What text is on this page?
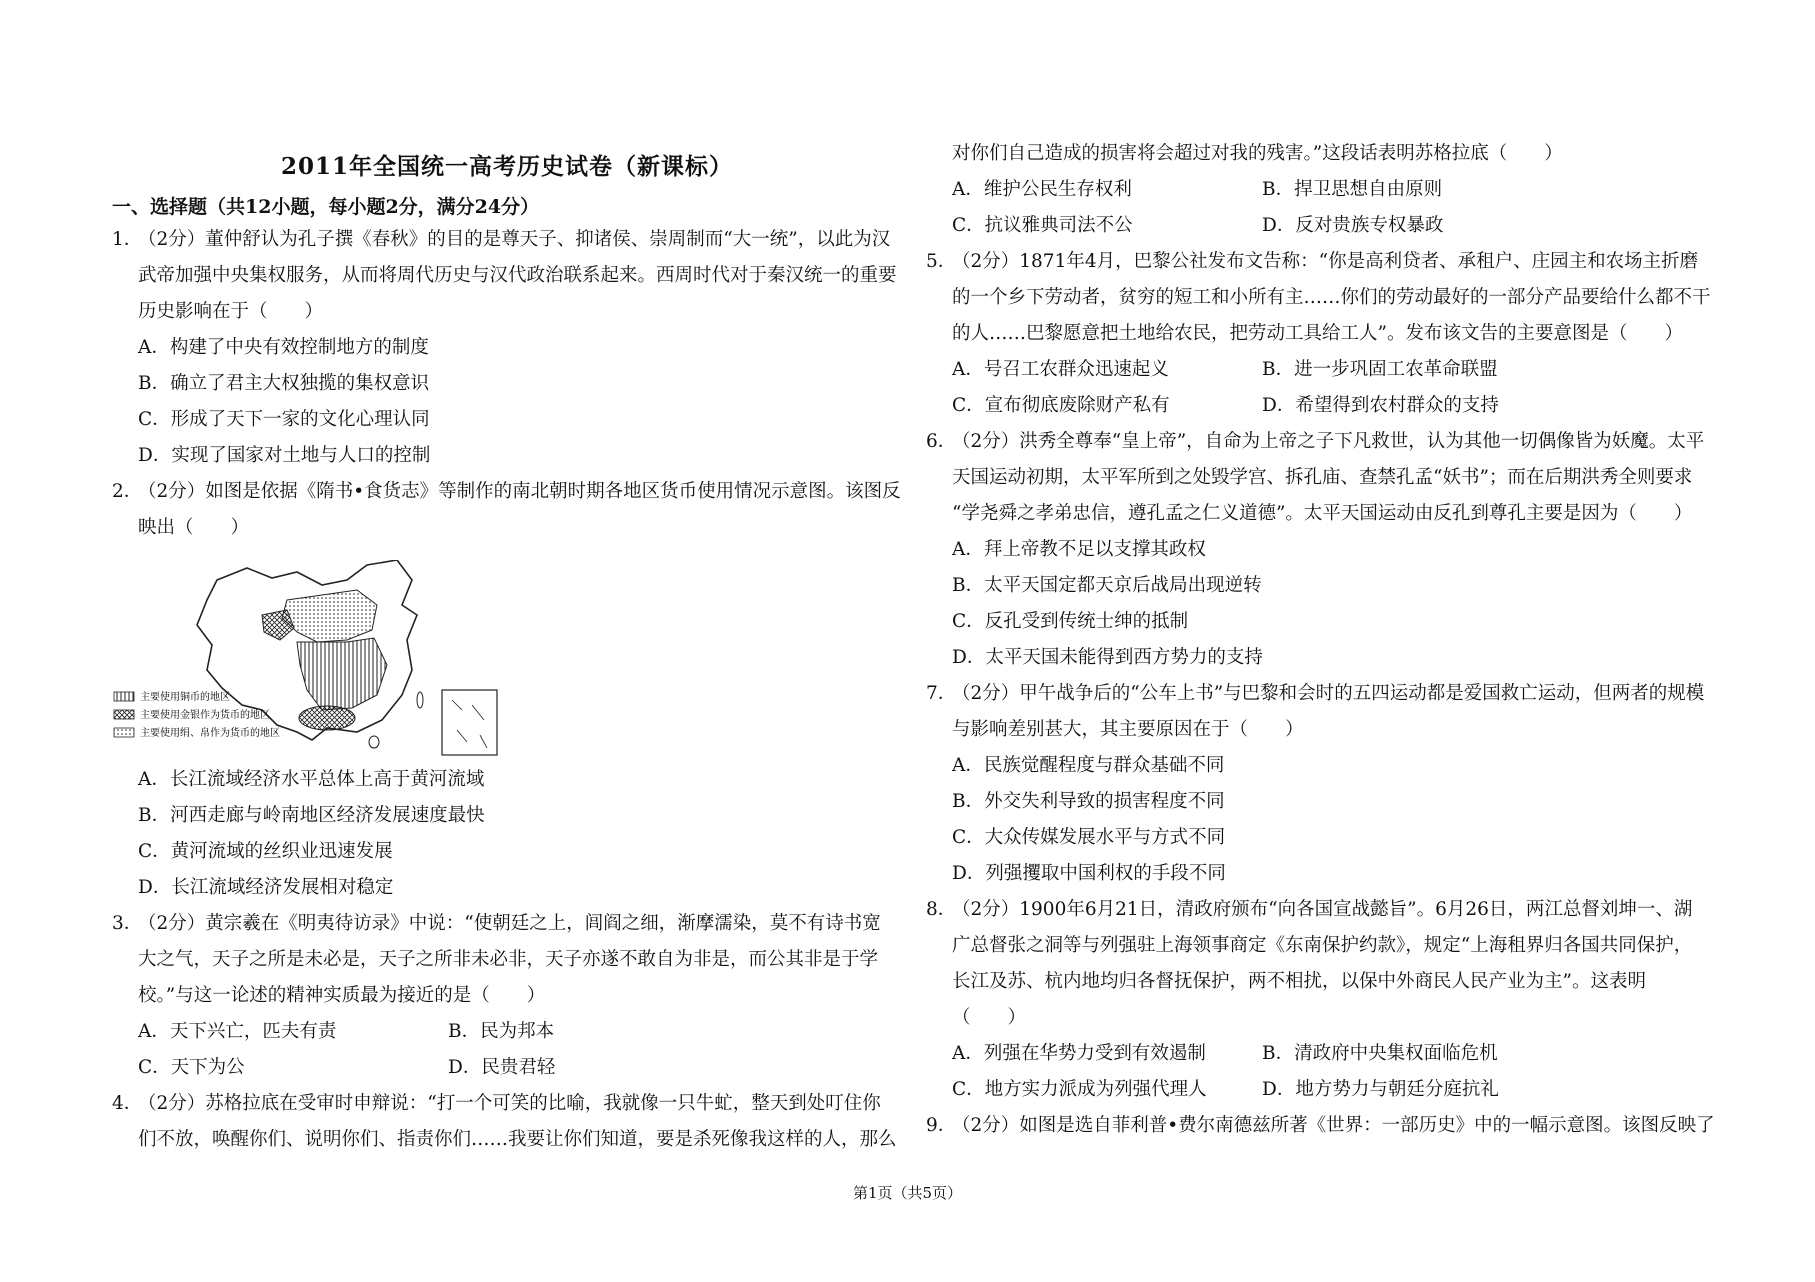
2011年全国统一高考历史试卷（新课标）
一、选择题（共12小题，每小题2分，满分24分）
1．（2分）董仲舒认为孔子撰《春秋》的目的是尊天子、抑诸侯、崇周制而“大一统”，以此为汉
武帝加强中央集权服务，从而将周代历史与汉代政治联系起来。西周时代对于秦汉统一的重要
历史影响在于（　　）
A．构建了中央有效控制地方的制度
B．确立了君主大权独揽的集权意识
C．形成了天下一家的文化心理认同
D．实现了国家对土地与人口的控制
2．（2分）如图是依据《隋书•食货志》等制作的南北朝时期各地区货币使用情况示意图。该图反
映出（　　）
主要使用铜币的地区
主要使用金银作为货币的地区
主要使用绢、帛作为货币的地区
A．长江流域经济水平总体上高于黄河流域
B．河西走廊与岭南地区经济发展速度最快
C．黄河流域的丝织业迅速发展
D．长江流域经济发展相对稳定
3．（2分）黄宗羲在《明夷待访录》中说：“使朝廷之上，闾阎之细，渐摩濡染，莫不有诗书宽
大之气，天子之所是未必是，天子之所非未必非，天子亦遂不敢自为非是，而公其非是于学
校。”与这一论述的精神实质最为接近的是（　　）
A．天下兴亡，匹夫有责	B．民为邦本
C．天下为公	D．民贵君轻
4．（2分）苏格拉底在受审时申辩说：“打一个可笑的比喻，我就像一只牛虻，整天到处叮住你
们不放，唤醒你们、说明你们、指责你们……我要让你们知道，要是杀死像我这样的人，那么
对你们自己造成的损害将会超过对我的残害。”这段话表明苏格拉底（　　）
A．维护公民生存权利	B．捍卫思想自由原则
C．抗议雅典司法不公	D．反对贵族专权暴政
5．（2分）1871年4月，巴黎公社发布文告称：“你是高利贷者、承租户、庄园主和农场主折磨
的一个乡下劳动者，贫穷的短工和小所有主……你们的劳动最好的一部分产品要给什么都不干
的人……巴黎愿意把土地给农民，把劳动工具给工人”。发布该文告的主要意图是（　　）
A．号召工农群众迅速起义	B．进一步巩固工农革命联盟
C．宣布彻底废除财产私有	D．希望得到农村群众的支持
6．（2分）洪秀全尊奉“皇上帝”，自命为上帝之子下凡救世，认为其他一切偶像皆为妖魔。太平
天国运动初期，太平军所到之处毁学宫、拆孔庙、查禁孔孟“妖书”；而在后期洪秀全则要求
“学尧舜之孝弟忠信，遵孔孟之仁义道德”。太平天国运动由反孔到尊孔主要是因为（　　）
A．拜上帝教不足以支撑其政权
B．太平天国定都天京后战局出现逆转
C．反孔受到传统士绅的抵制
D．太平天国未能得到西方势力的支持
7．（2分）甲午战争后的“公车上书”与巴黎和会时的五四运动都是爱国救亡运动，但两者的规模
与影响差别甚大，其主要原因在于（　　）
A．民族觉醒程度与群众基础不同
B．外交失利导致的损害程度不同
C．大众传媒发展水平与方式不同
D．列强攫取中国利权的手段不同
8．（2分）1900年6月21日，清政府颁布“向各国宣战懿旨”。6月26日，两江总督刘坤一、湖
广总督张之洞等与列强驻上海领事商定《东南保护约款》，规定“上海租界归各国共同保护，
长江及苏、杭内地均归各督抚保护，两不相扰，以保中外商民人民产业为主”。这表明
（　　）
A．列强在华势力受到有效遏制	B．清政府中央集权面临危机
C．地方实力派成为列强代理人	D．地方势力与朝廷分庭抗礼
9．（2分）如图是选自菲利普•费尔南德兹所著《世界：一部历史》中的一幅示意图。该图反映了
第1页（共5页）
